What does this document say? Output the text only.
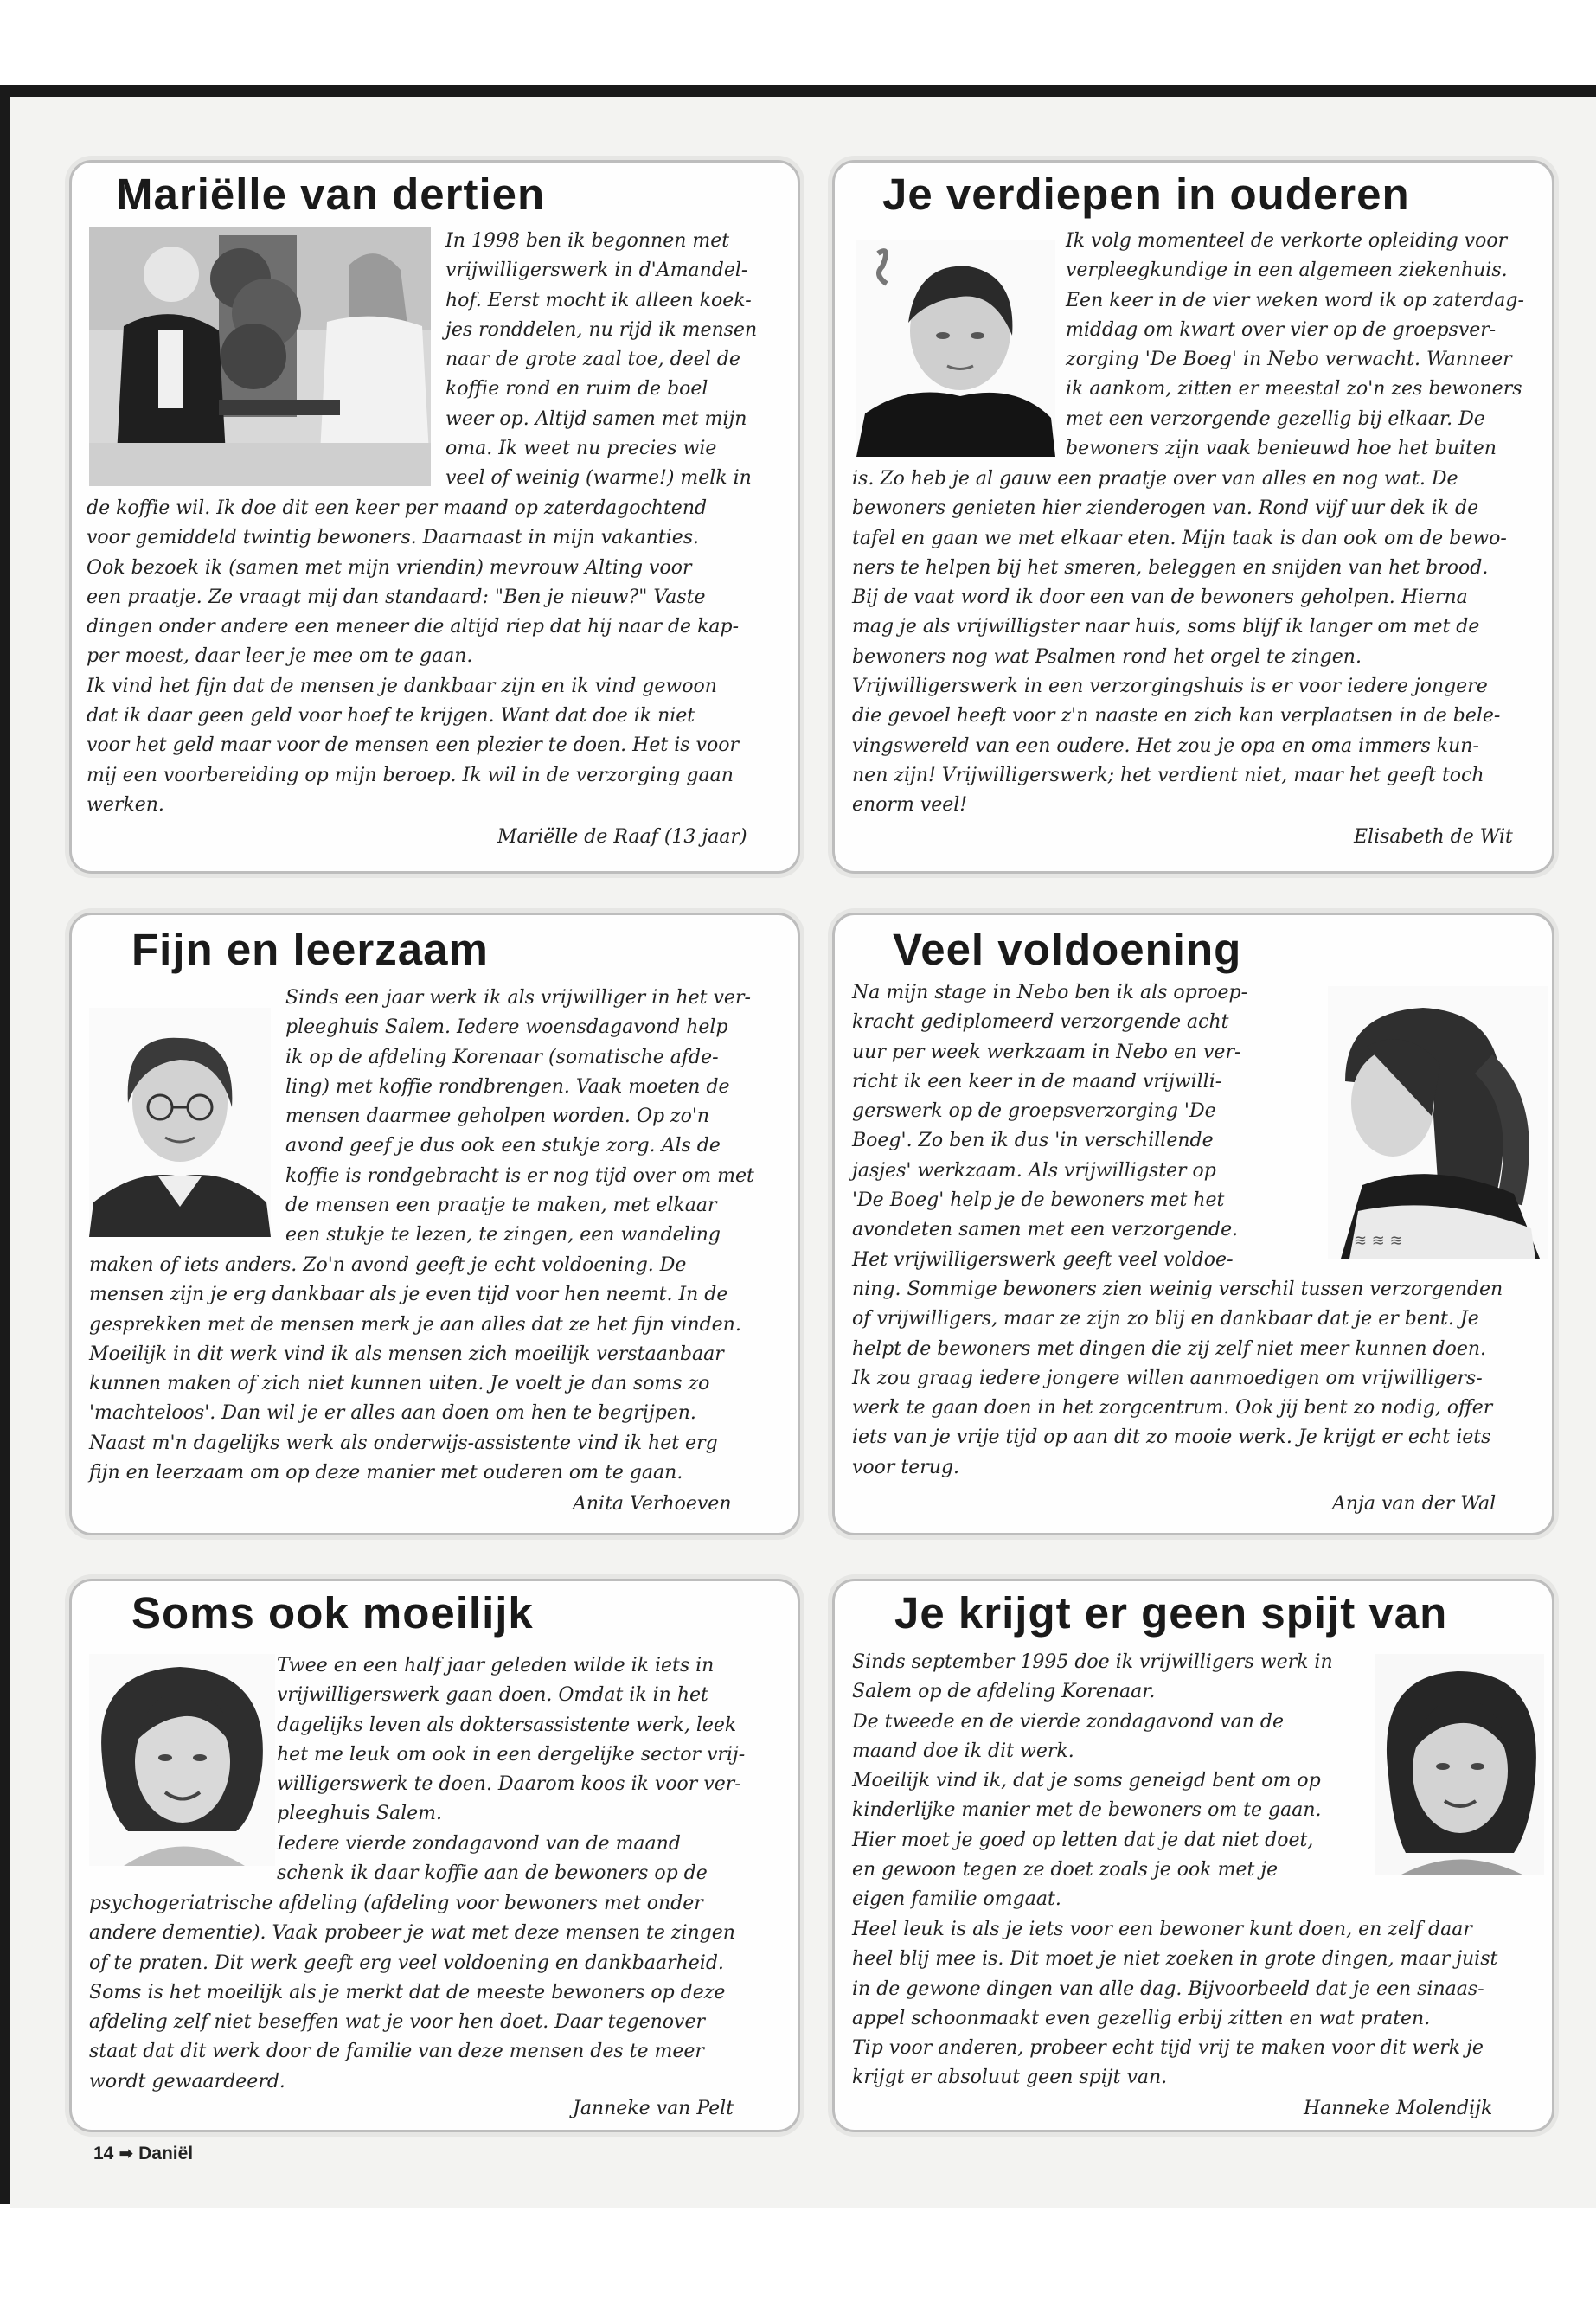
Mariëlle van dertien

In 1998 ben ik begonnen met

vrijwilligerswerk in d'Amandel-

hof. Eerst mocht ik alleen koek-

jes ronddelen, nu rijd ik mensen

naar de grote zaal toe, deel de

koffie rond en ruim de boel

weer op. Altijd samen met mijn

oma. Ik weet nu precies wie

veel of weinig (warme!) melk in

de koffie wil. Ik doe dit een keer per maand op zaterdagochtend

voor gemiddeld twintig bewoners. Daarnaast in mijn vakanties.

Ook bezoek ik (samen met mijn vriendin) mevrouw Alting voor

een praatje. Ze vraagt mij dan standaard: "Ben je nieuw?" Vaste

dingen onder andere een meneer die altijd riep dat hij naar de kap-

per moest, daar leer je mee om te gaan.

Ik vind het fijn dat de mensen je dankbaar zijn en ik vind gewoon

dat ik daar geen geld voor hoef te krijgen. Want dat doe ik niet

voor het geld maar voor de mensen een plezier te doen. Het is voor

mij een voorbereiding op mijn beroep. Ik wil in de verzorging gaan

werken.

Mariëlle de Raaf (13 jaar)
Je verdiepen in ouderen

Ik volg momenteel de verkorte opleiding voor

verpleegkundige in een algemeen ziekenhuis.

Een keer in de vier weken word ik op zaterdag-

middag om kwart over vier op de groepsver-

zorging 'De Boeg' in Nebo verwacht. Wanneer

ik aankom, zitten er meestal zo'n zes bewoners

met een verzorgende gezellig bij elkaar. De

bewoners zijn vaak benieuwd hoe het buiten

is. Zo heb je al gauw een praatje over van alles en nog wat. De

bewoners genieten hier zienderogen van. Rond vijf uur dek ik de

tafel en gaan we met elkaar eten. Mijn taak is dan ook om de bewo-

ners te helpen bij het smeren, beleggen en snijden van het brood.

Bij de vaat word ik door een van de bewoners geholpen. Hierna

mag je als vrijwilligster naar huis, soms blijf ik langer om met de

bewoners nog wat Psalmen rond het orgel te zingen.

Vrijwilligerswerk in een verzorgingshuis is er voor iedere jongere

die gevoel heeft voor z'n naaste en zich kan verplaatsen in de bele-

vingswereld van een oudere. Het zou je opa en oma immers kun-

nen zijn! Vrijwilligerswerk; het verdient niet, maar het geeft toch

enorm veel!

Elisabeth de Wit
Fijn en leerzaam

Sinds een jaar werk ik als vrijwilliger in het ver-

pleeghuis Salem. Iedere woensdagavond help

ik op de afdeling Korenaar (somatische afde-

ling) met koffie rondbrengen. Vaak moeten de

mensen daarmee geholpen worden. Op zo'n

avond geef je dus ook een stukje zorg. Als de

koffie is rondgebracht is er nog tijd over om met

de mensen een praatje te maken, met elkaar

een stukje te lezen, te zingen, een wandeling

maken of iets anders. Zo'n avond geeft je echt voldoening. De

mensen zijn je erg dankbaar als je even tijd voor hen neemt. In de

gesprekken met de mensen merk je aan alles dat ze het fijn vinden.

Moeilijk in dit werk vind ik als mensen zich moeilijk verstaanbaar

kunnen maken of zich niet kunnen uiten. Je voelt je dan soms zo

'machteloos'. Dan wil je er alles aan doen om hen te begrijpen.

Naast m'n dagelijks werk als onderwijs-assistente vind ik het erg

fijn en leerzaam om op deze manier met ouderen om te gaan.

Anita Verhoeven
Veel voldoening
≋ ≋ ≋

Na mijn stage in Nebo ben ik als oproep-

kracht gediplomeerd verzorgende acht

uur per week werkzaam in Nebo en ver-

richt ik een keer in de maand vrijwilli-

gerswerk op de groepsverzorging 'De

Boeg'. Zo ben ik dus 'in verschillende

jasjes' werkzaam. Als vrijwilligster op

'De Boeg' help je de bewoners met het

avondeten samen met een verzorgende.

Het vrijwilligerswerk geeft veel voldoe-

ning. Sommige bewoners zien weinig verschil tussen verzorgenden

of vrijwilligers, maar ze zijn zo blij en dankbaar dat je er bent. Je

helpt de bewoners met dingen die zij zelf niet meer kunnen doen.

Ik zou graag iedere jongere willen aanmoedigen om vrijwilligers-

werk te gaan doen in het zorgcentrum. Ook jij bent zo nodig, offer

iets van je vrije tijd op aan dit zo mooie werk. Je krijgt er echt iets

voor terug.

Anja van der Wal
Soms ook moeilijk

Twee en een half jaar geleden wilde ik iets in

vrijwilligerswerk gaan doen. Omdat ik in het

dagelijks leven als doktersassistente werk, leek

het me leuk om ook in een dergelijke sector vrij-

willigerswerk te doen. Daarom koos ik voor ver-

pleeghuis Salem.

Iedere vierde zondagavond van de maand

schenk ik daar koffie aan de bewoners op de

psychogeriatrische afdeling (afdeling voor bewoners met onder

andere dementie). Vaak probeer je wat met deze mensen te zingen

of te praten. Dit werk geeft erg veel voldoening en dankbaarheid.

Soms is het moeilijk als je merkt dat de meeste bewoners op deze

afdeling zelf niet beseffen wat je voor hen doet. Daar tegenover

staat dat dit werk door de familie van deze mensen des te meer

wordt gewaardeerd.

Janneke van Pelt
Je krijgt er geen spijt van

Sinds september 1995 doe ik vrijwilligers werk in

Salem op de afdeling Korenaar.

De tweede en de vierde zondagavond van de

maand doe ik dit werk.

Moeilijk vind ik, dat je soms geneigd bent om op

kinderlijke manier met de bewoners om te gaan.

Hier moet je goed op letten dat je dat niet doet,

en gewoon tegen ze doet zoals je ook met je

eigen familie omgaat.

Heel leuk is als je iets voor een bewoner kunt doen, en zelf daar

heel blij mee is. Dit moet je niet zoeken in grote dingen, maar juist

in de gewone dingen van alle dag. Bijvoorbeeld dat je een sinaas-

appel schoonmaakt even gezellig erbij zitten en wat praten.

Tip voor anderen, probeer echt tijd vrij te maken voor dit werk je

krijgt er absoluut geen spijt van.

Hanneke Molendijk
14 ➡ Daniël
